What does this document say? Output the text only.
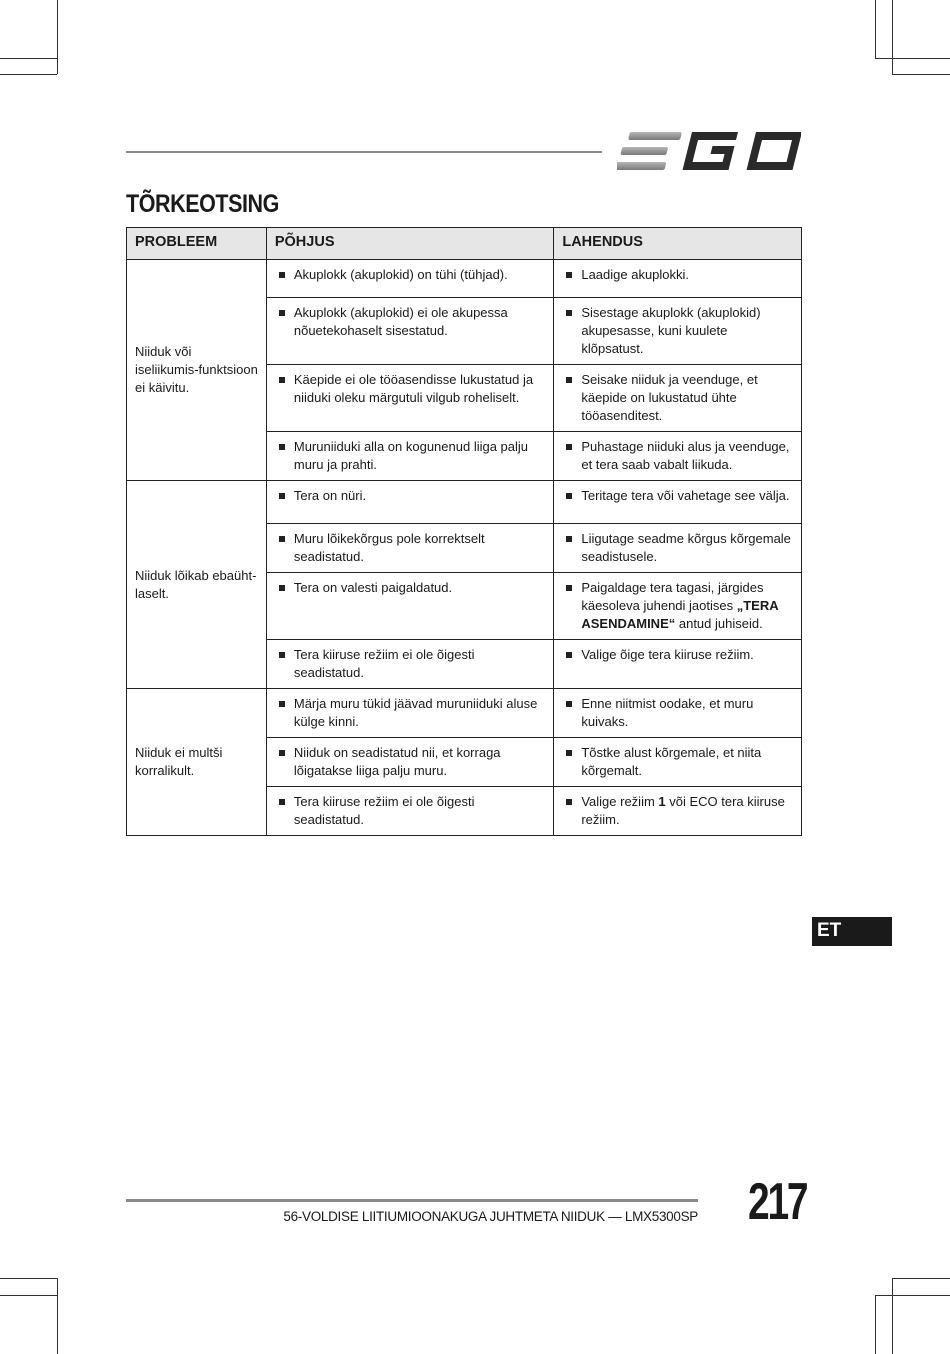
TÕRKEOTSING
PROBLEEM	PÕHJUS	LAHENDUS
Niiduk või iseliikumis-funktsioon ei käivitu.	Akuplokk (akuplokid) on tühi (tühjad).	Laadige akuplokki.

	Akuplokk (akuplokid) ei ole akupessa nõuetekohaselt sisestatud.	Sisestage akuplokk (akuplokid) akupesasse, kuni kuulete klõpsatust.

	Käepide ei ole tööasendisse lukustatud ja niiduki oleku märgutuli vilgub roheliselt.	Seisake niiduk ja veenduge, et käepide on lukustatud ühte tööasenditest.

	Muruniiduki alla on kogunenud liiga palju muru ja prahti.	Puhastage niiduki alus ja veenduge, et tera saab vabalt liikuda.

Niiduk lõikab ebaüht-laselt.	Tera on nüri.	Teritage tera või vahetage see välja.

	Muru lõikekõrgus pole korrektselt seadistatud.	Liigutage seadme kõrgus kõrgemale seadistusele.

	Tera on valesti paigaldatud.	Paigaldage tera tagasi, järgides käesoleva juhendi jaotises „TERA ASENDAMINE“ antud juhiseid.

	Tera kiiruse režiim ei ole õigesti seadistatud.	Valige õige tera kiiruse režiim.

Niiduk ei multši korralikult.	Märja muru tükid jäävad muruniiduki aluse külge kinni.	Enne niitmist oodake, et muru kuivaks.

	Niiduk on seadistatud nii, et korraga lõigatakse liiga palju muru.	Tõstke alust kõrgemale, et niita kõrgemalt.

	Tera kiiruse režiim ei ole õigesti seadistatud.	Valige režiim 1 või ECO tera kiiruse režiim.
ET
56-VOLDISE LIITIUMIOONAKUGA JUHTMETA NIIDUK — LMX5300SP 217
